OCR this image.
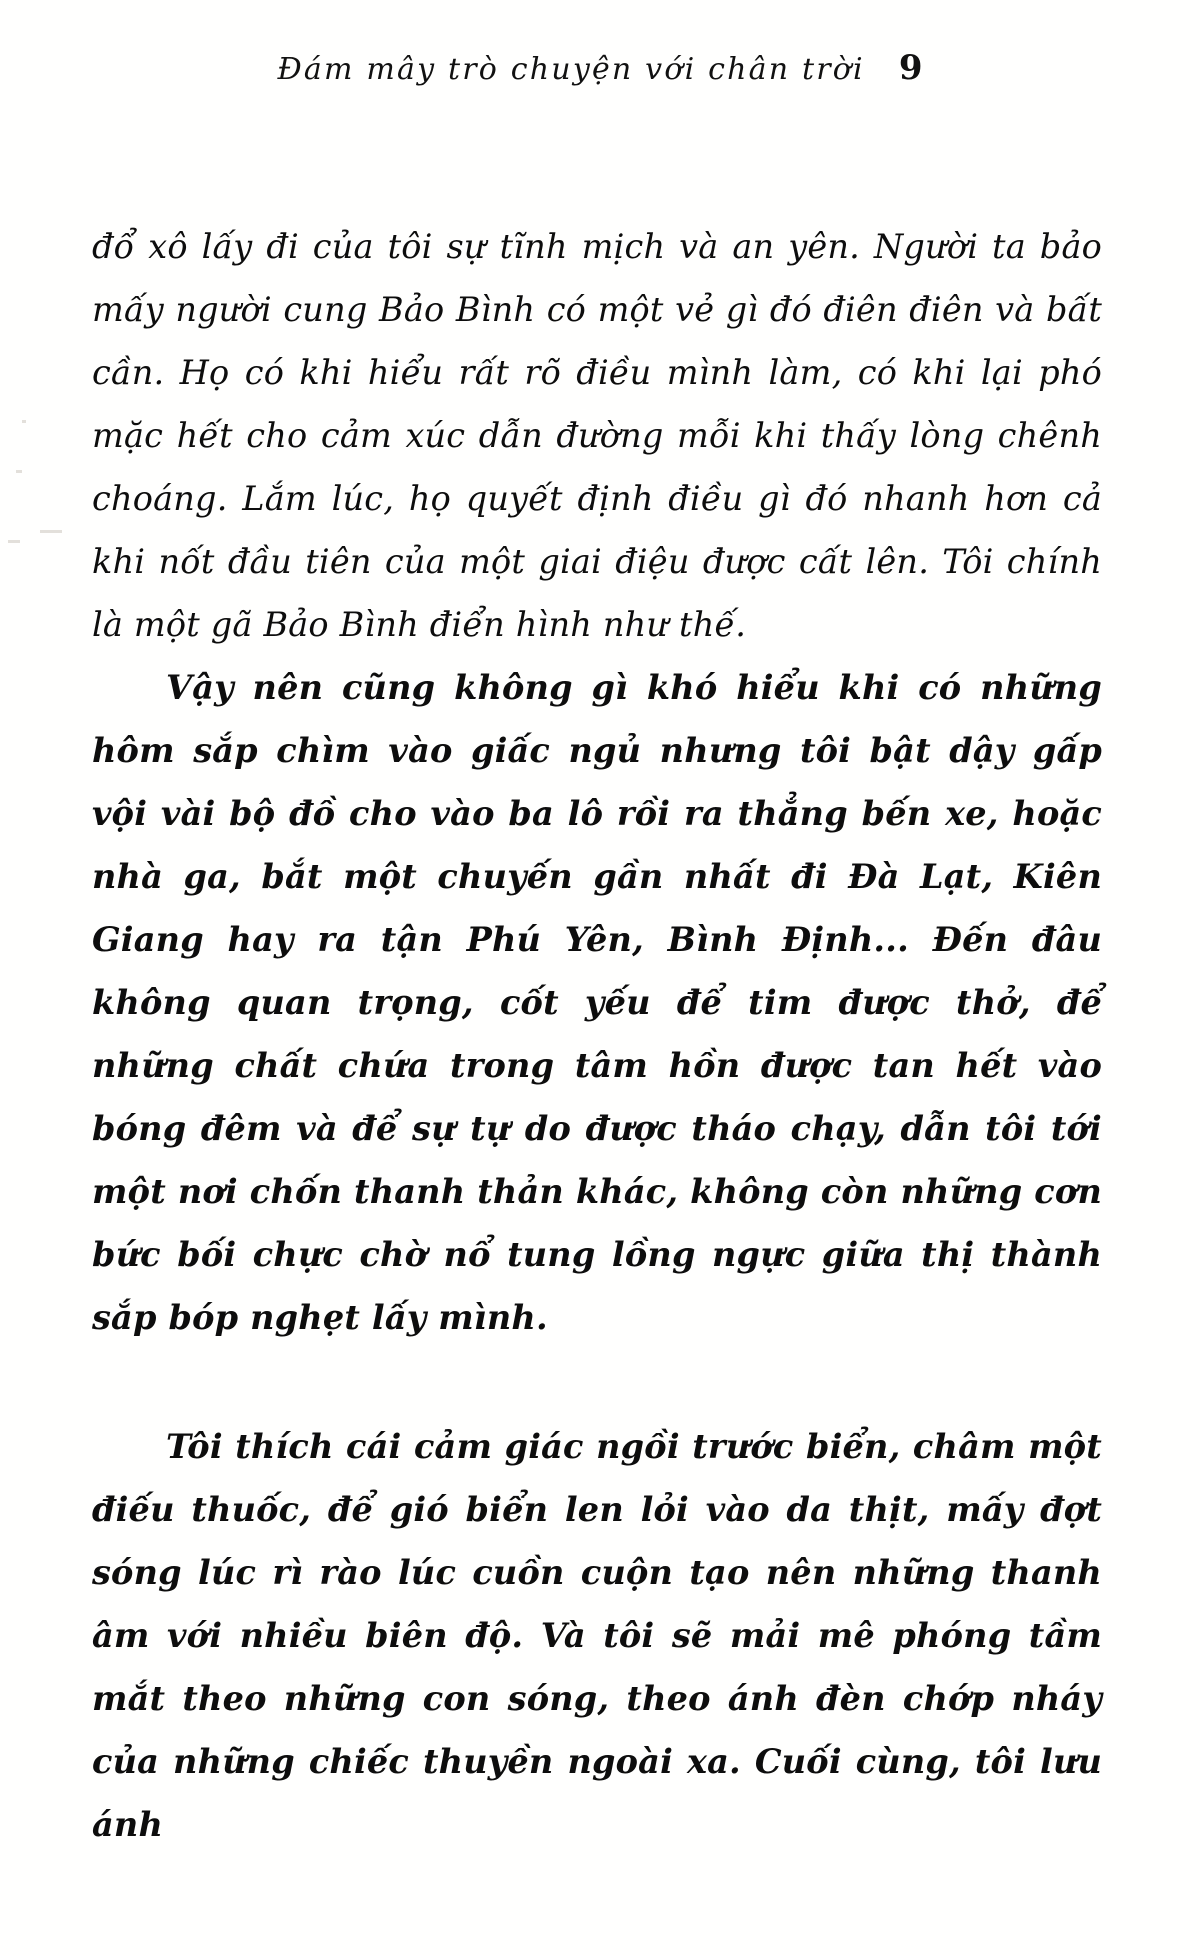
Đám mây trò chuyện với chân trời 9

đổ xô lấy đi của tôi sự tĩnh mịch và an yên. Người ta bảo mấy người cung Bảo Bình có một vẻ gì đó điên điên và bất cần. Họ có khi hiểu rất rõ điều mình làm, có khi lại phó mặc hết cho cảm xúc dẫn đường mỗi khi thấy lòng chênh choáng. Lắm lúc, họ quyết định điều gì đó nhanh hơn cả khi nốt đầu tiên của một giai điệu được cất lên. Tôi chính là một gã Bảo Bình điển hình như thế.

Vậy nên cũng không gì khó hiểu khi có những hôm sắp chìm vào giấc ngủ nhưng tôi bật dậy gấp vội vài bộ đồ cho vào ba lô rồi ra thẳng bến xe, hoặc nhà ga, bắt một chuyến gần nhất đi Đà Lạt, Kiên Giang hay ra tận Phú Yên, Bình Định... Đến đâu không quan trọng, cốt yếu để tim được thở, để những chất chứa trong tâm hồn được tan hết vào bóng đêm và để sự tự do được tháo chạy, dẫn tôi tới một nơi chốn thanh thản khác, không còn những cơn bức bối chực chờ nổ tung lồng ngực giữa thị thành sắp bóp nghẹt lấy mình.

Tôi thích cái cảm giác ngồi trước biển, châm một điếu thuốc, để gió biển len lỏi vào da thịt, mấy đợt sóng lúc rì rào lúc cuồn cuộn tạo nên những thanh âm với nhiều biên độ. Và tôi sẽ mải mê phóng tầm mắt theo những con sóng, theo ánh đèn chớp nháy của những chiếc thuyền ngoài xa. Cuối cùng, tôi lưu ánh
